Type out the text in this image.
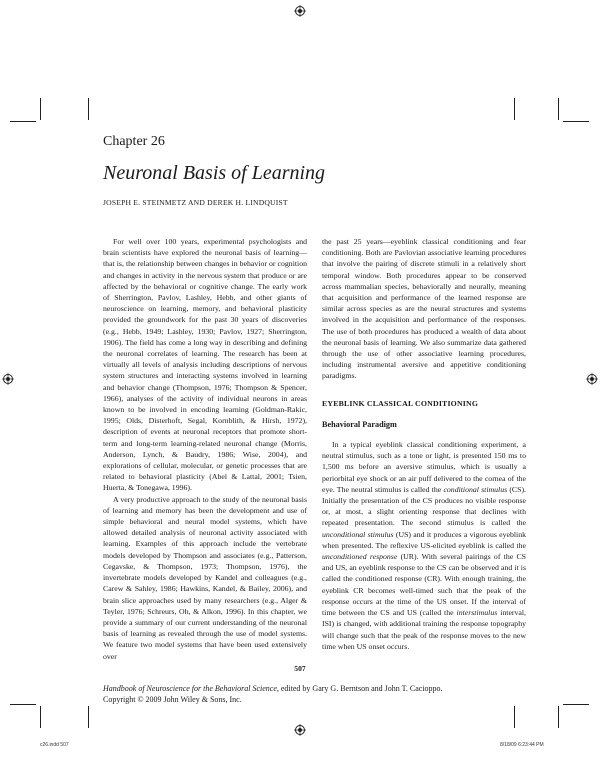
Chapter 26
Neuronal Basis of Learning
JOSEPH E. STEINMETZ AND DEREK H. LINDQUIST

For well over 100 years, experimental psychologists and brain scientists have explored the neuronal basis of learning—that is, the relationship between changes in behavior or cognition and changes in activity in the nervous system that produce or are affected by the behavioral or cognitive change. The early work of Sherrington, Pavlov, Lashley, Hebb, and other giants of neuroscience on learning, memory, and behavioral plasticity provided the groundwork for the past 30 years of discoveries (e.g., Hebb, 1949; Lashley, 1930; Pavlov, 1927; Sherrington, 1906). The field has come a long way in describing and defining the neuronal correlates of learning. The research has been at virtually all levels of analysis including descriptions of nervous system structures and interacting systems involved in learning and behavior change (Thompson, 1976; Thompson & Spencer, 1966), analyses of the activity of individual neurons in areas known to be involved in encoding learning (Goldman-Rakic, 1995; Olds, Disterhoft, Segal, Kornblith, & Hirsh, 1972), description of events at neuronal receptors that promote short-term and long-term learning-related neuronal change (Morris, Anderson, Lynch, & Baudry, 1986; Wise, 2004), and explorations of cellular, molecular, or genetic processes that are related to behavioral plasticity (Abel & Lattal, 2001; Tsien, Huerta, & Tonegawa, 1996).

A very productive approach to the study of the neuronal basis of learning and memory has been the development and use of simple behavioral and neural model systems, which have allowed detailed analysis of neuronal activity associated with learning. Examples of this approach include the vertebrate models developed by Thompson and associates (e.g., Patterson, Cegavske, & Thompson, 1973; Thompson, 1976), the invertebrate models developed by Kandel and colleagues (e.g., Carew & Sahley, 1986; Hawkins, Kandel, & Bailey, 2006), and brain slice approaches used by many researchers (e.g., Alger & Teyler, 1976; Schreurs, Oh, & Alkon, 1996). In this chapter, we provide a summary of our current understanding of the neuronal basis of learning as revealed through the use of model systems. We feature two model systems that have been used extensively over

the past 25 years—eyeblink classical conditioning and fear conditioning. Both are Pavlovian associative learning procedures that involve the pairing of discrete stimuli in a relatively short temporal window. Both procedures appear to be conserved across mammalian species, behaviorally and neurally, meaning that acquisition and performance of the learned response are similar across species as are the neural structures and systems involved in the acquisition and performance of the responses. The use of both procedures has produced a wealth of data about the neuronal basis of learning. We also summarize data gathered through the use of other associative learning procedures, including instrumental aversive and appetitive conditioning paradigms.

EYEBLINK CLASSICAL CONDITIONING
Behavioral Paradigm

In a typical eyeblink classical conditioning experiment, a neutral stimulus, such as a tone or light, is presented 150 ms to 1,500 ms before an aversive stimulus, which is usually a periorbital eye shock or an air puff delivered to the cornea of the eye. The neutral stimulus is called the conditional stimulus (CS). Initially the presentation of the CS produces no visible response or, at most, a slight orienting response that declines with repeated presentation. The second stimulus is called the unconditional stimulus (US) and it produces a vigorous eyeblink when presented. The reflexive US-elicited eyeblink is called the unconditioned response (UR). With several pairings of the CS and US, an eyeblink response to the CS can be observed and it is called the conditioned response (CR). With enough training, the eyeblink CR becomes well-timed such that the peak of the response occurs at the time of the US onset. If the interval of time between the CS and US (called the interstimulus interval, ISI) is changed, with additional training the response topography will change such that the peak of the response moves to the new time when US onset occurs.

507
Handbook of Neuroscience for the Behavioral Science, edited by Gary G. Berntson and John T. Cacioppo.
Copyright © 2009 John Wiley & Sons, Inc.
c26.indd 507	8/18/09 6:23:44 PM
